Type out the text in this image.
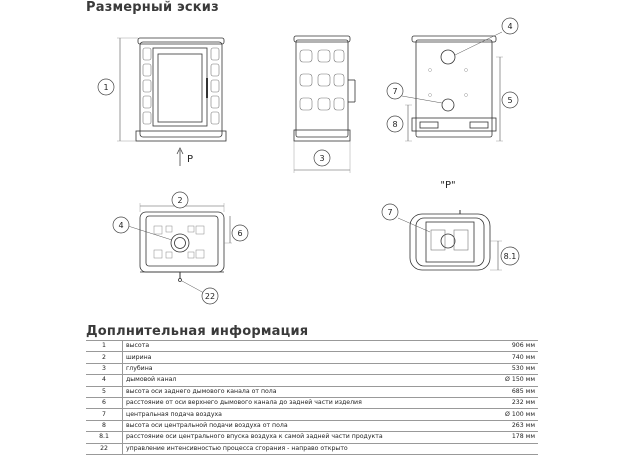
Размерный эскиз
1
2
3
4
4
5
6
7
7
8
8.1
22
P
"P"
Доплнительная информация
1	высота	906 мм
2	ширина	740 мм
3	глубина	530 мм
4	дымовой канал	Ø 150 мм
5	высота оси заднего дымового канала от пола	685 мм
6	расстояние от оси верхнего дымового канала до задней части изделия	232 мм
7	центральная подача воздуха	Ø 100 мм
8	высота оси центральной подачи воздуха от пола	263 мм
8.1	расстояние оси центрального впуска воздуха к самой задней части продукта	178 мм
22	управление интенсивностью процесса сгорания - направо открыто	
